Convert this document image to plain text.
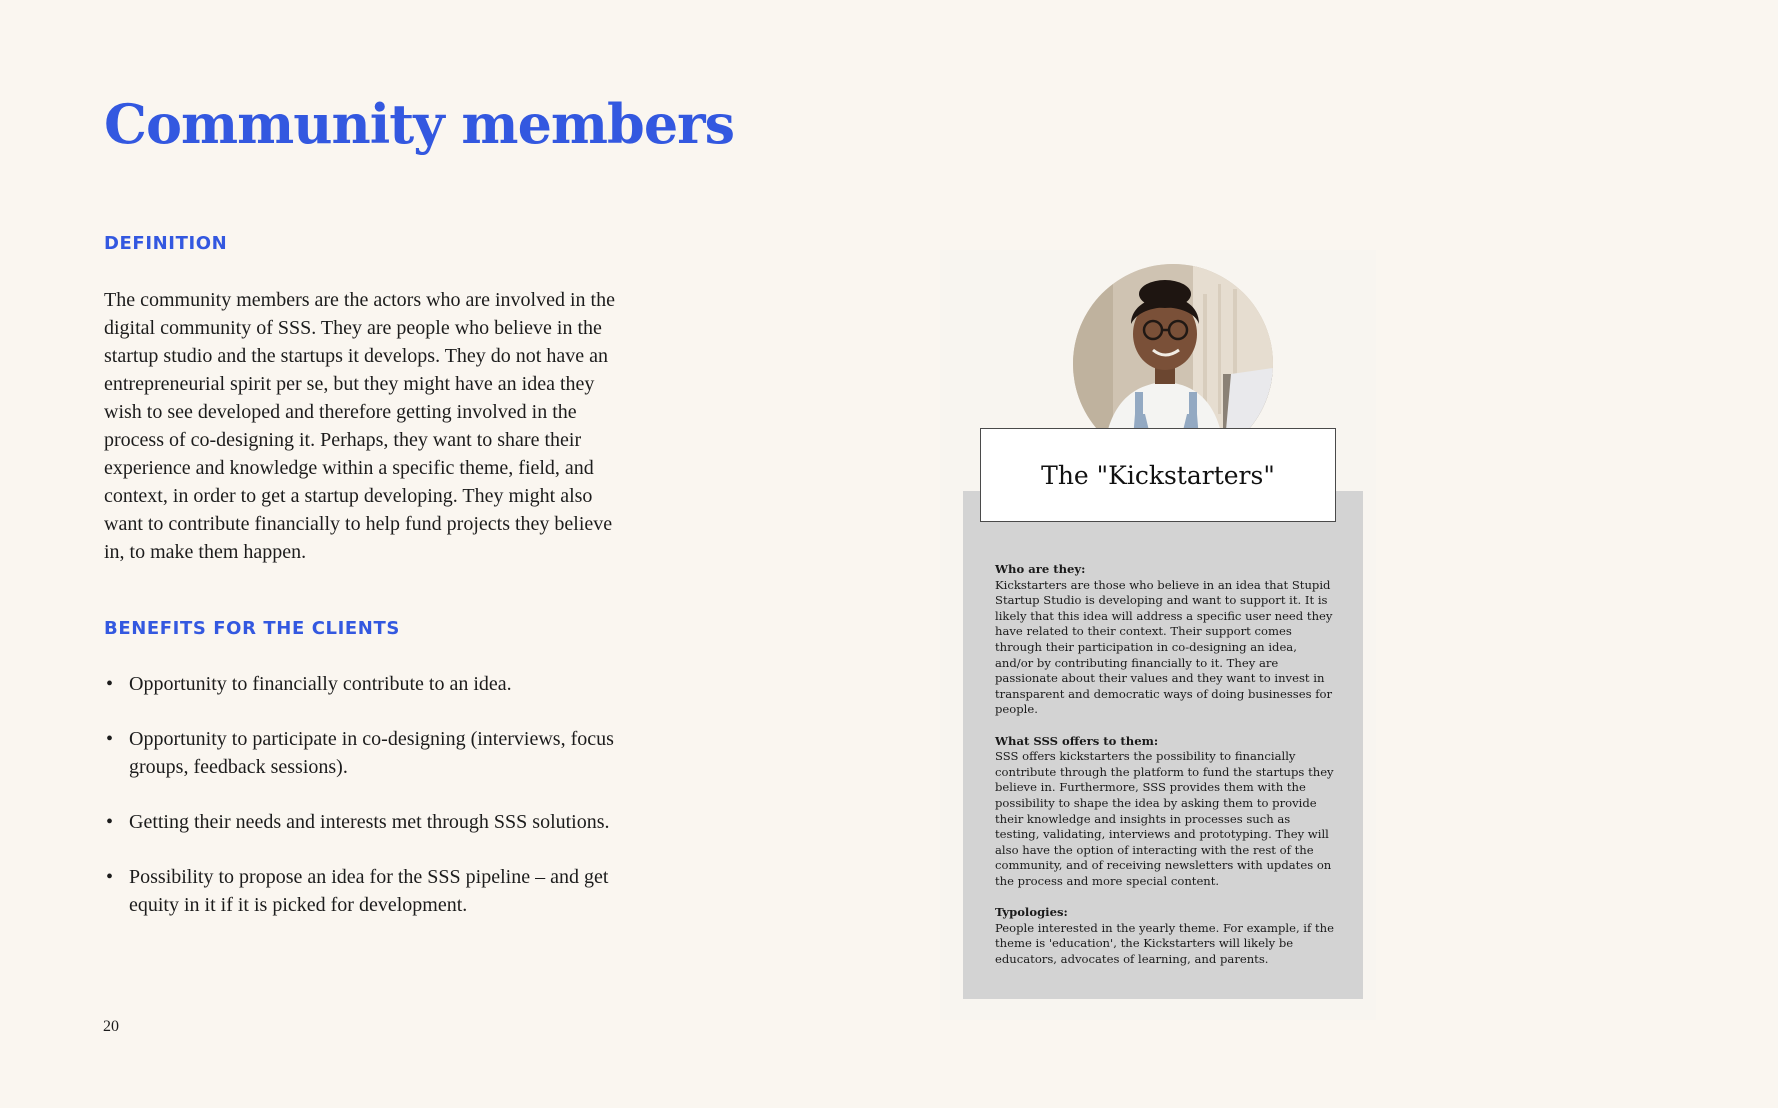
Community members
DEFINITION

The community members are the actors who are involved in the digital community of SSS. They are people who believe in the startup studio and the startups it develops. They do not have an entrepreneurial spirit per se, but they might have an idea they wish to see developed and therefore getting involved in the process of co-designing it. Perhaps, they want to share their experience and knowledge within a specific theme, field, and context, in order to get a startup developing. They might also want to contribute financially to help fund projects they believe in, to make them happen.

BENEFITS FOR THE CLIENTS
• Opportunity to financially contribute to an idea.
• Opportunity to participate in co-designing (interviews, focus groups, feedback sessions).
• Getting their needs and interests met through SSS solutions.
• Possibility to propose an idea for the SSS pipeline – and get equity in it if it is picked for development.
20
The "Kickstarters"

Who are they:
Kickstarters are those who believe in an idea that Stupid Startup Studio is developing and want to support it. It is likely that this idea will address a specific user need they have related to their context. Their support comes through their participation in co-designing an idea, and/or by contributing financially to it. They are passionate about their values and they want to invest in transparent and democratic ways of doing businesses for people.

What SSS offers to them:
SSS offers kickstarters the possibility to financially contribute through the platform to fund the startups they believe in. Furthermore, SSS provides them with the possibility to shape the idea by asking them to provide their knowledge and insights in processes such as testing, validating, interviews and prototyping. They will also have the option of interacting with the rest of the community, and of receiving newsletters with updates on the process and more special content.

Typologies:
People interested in the yearly theme. For example, if the theme is 'education', the Kickstarters will likely be educators, advocates of learning, and parents.
